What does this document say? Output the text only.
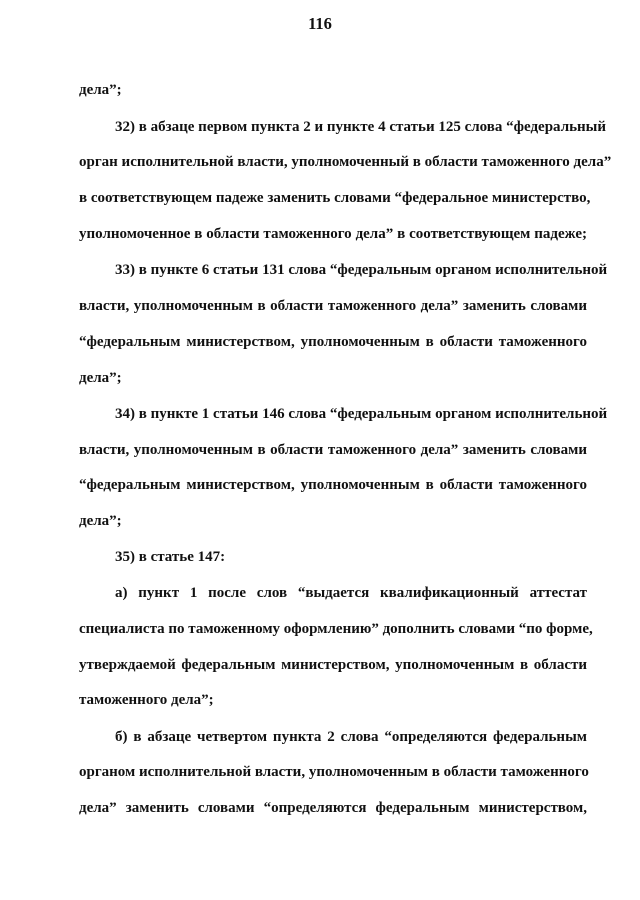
116
дела”;
32) в абзаце первом пункта 2 и пункте 4 статьи 125 слова “федеральный
орган исполнительной власти, уполномоченный в области таможенного дела”
в соответствующем падеже заменить словами “федеральное министерство,
уполномоченное в области таможенного дела” в соответствующем падеже;
33) в пункте 6 статьи 131 слова “федеральным органом исполнительной
власти, уполномоченным в области таможенного дела” заменить словами
“федеральным министерством, уполномоченным в области таможенного
дела”;
34) в пункте 1 статьи 146 слова “федеральным органом исполнительной
власти, уполномоченным в области таможенного дела” заменить словами
“федеральным министерством, уполномоченным в области таможенного
дела”;
35) в статье 147:
а) пункт 1 после слов “выдается квалификационный аттестат
специалиста по таможенному оформлению” дополнить словами “по форме,
утверждаемой федеральным министерством, уполномоченным в области
таможенного дела”;
б) в абзаце четвертом пункта 2 слова “определяются федеральным
органом исполнительной власти, уполномоченным в области таможенного
дела” заменить словами “определяются федеральным министерством,
